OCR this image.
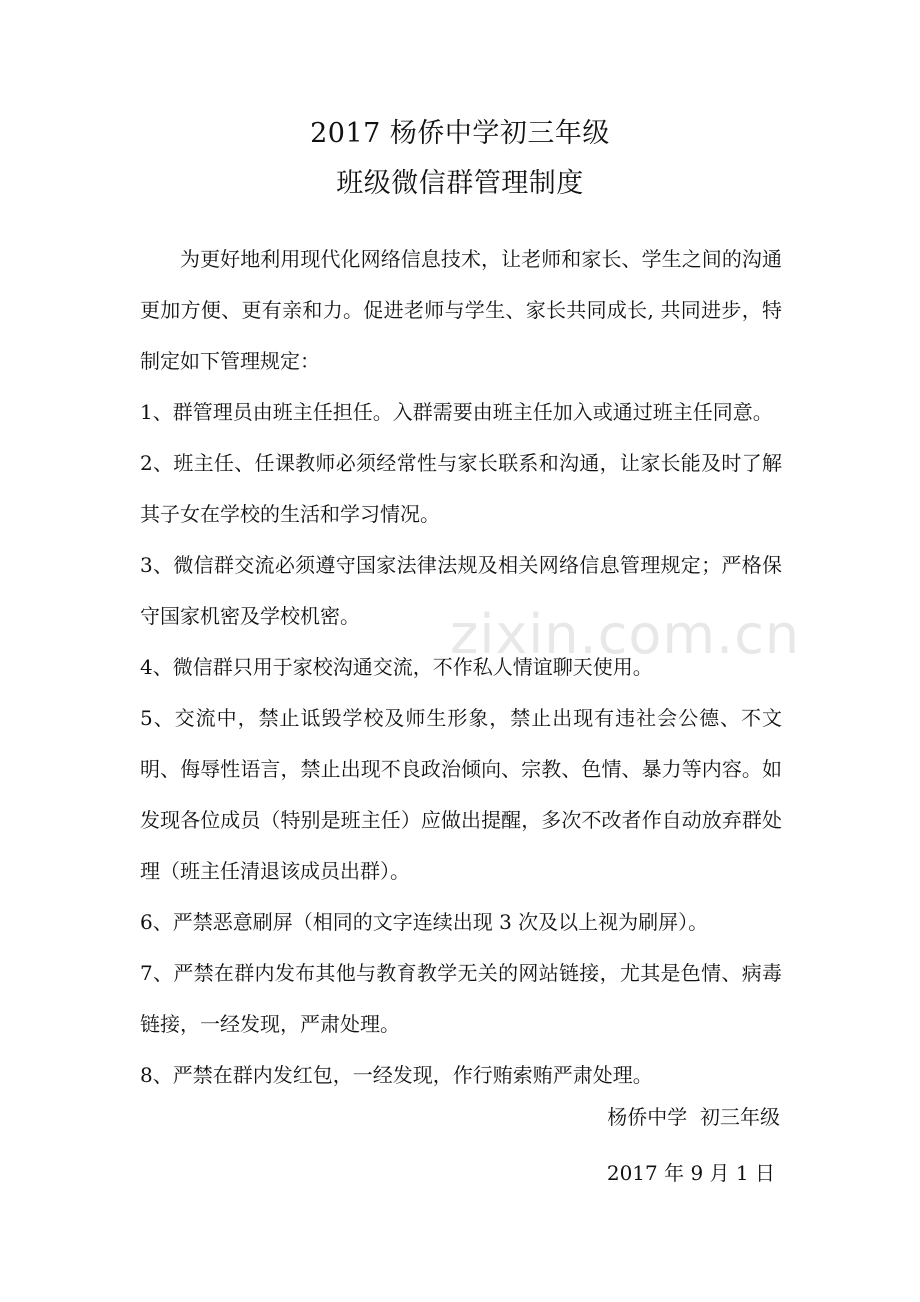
2017 杨侨中学初三年级
班级微信群管理制度

为更好地利用现代化网络信息技术，让老师和家长、学生之间的沟通更加方便、更有亲和力。促进老师与学生、家长共同成长, 共同进步，特制定如下管理规定：

1、群管理员由班主任担任。入群需要由班主任加入或通过班主任同意。

2、班主任、任课教师必须经常性与家长联系和沟通，让家长能及时了解其子女在学校的生活和学习情况。

3、微信群交流必须遵守国家法律法规及相关网络信息管理规定；严格保守国家机密及学校机密。

4、微信群只用于家校沟通交流，不作私人情谊聊天使用。

5、交流中，禁止诋毁学校及师生形象，禁止出现有违社会公德、不文明、侮辱性语言，禁止出现不良政治倾向、宗教、色情、暴力等内容。如发现各位成员（特别是班主任）应做出提醒，多次不改者作自动放弃群处理（班主任清退该成员出群）。

6、严禁恶意刷屏（相同的文字连续出现 3 次及以上视为刷屏）。

7、严禁在群内发布其他与教育教学无关的网站链接，尤其是色情、病毒链接，一经发现，严肃处理。

8、严禁在群内发红包，一经发现，作行贿索贿严肃处理。

杨侨中学  初三年级
2017 年 9 月 1 日
zixin.com.cn
